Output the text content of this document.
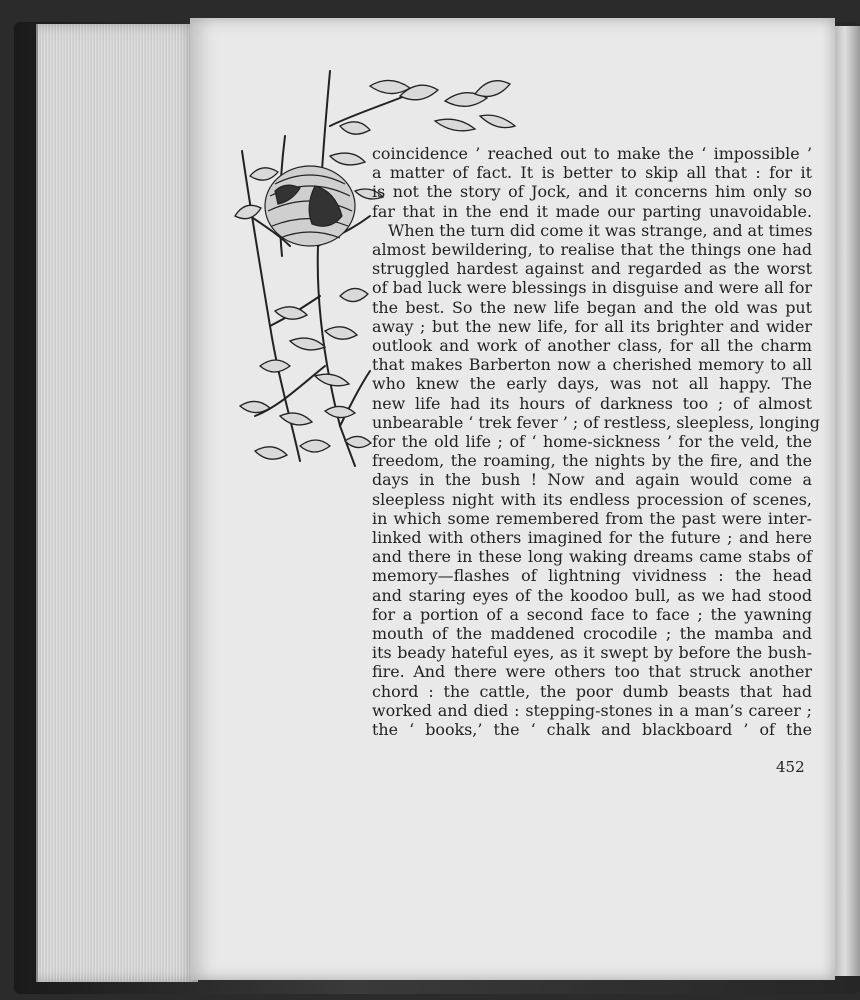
coincidence ’ reached out to make the ‘ impossible ’
a matter of fact. It is better to skip all that : for it
is not the story of Jock, and it concerns him only so
far that in the end it made our parting unavoidable.
When the turn did come it was strange, and at times
almost bewildering, to realise that the things one had
struggled hardest against and regarded as the worst
of bad luck were blessings in disguise and were all for
the best. So the new life began and the old was put
away ; but the new life, for all its brighter and wider
outlook and work of another class, for all the charm
that makes Barberton now a cherished memory to all
who knew the early days, was not all happy. The
new life had its hours of darkness too ; of almost
unbearable ‘ trek fever ’ ; of restless, sleepless, longing
for the old life ; of ‘ home-sickness ’ for the veld, the
freedom, the roaming, the nights by the fire, and the
days in the bush ! Now and again would come a
sleepless night with its endless procession of scenes,
in which some remembered from the past were inter-
linked with others imagined for the future ; and here
and there in these long waking dreams came stabs of
memory—flashes of lightning vividness : the head
and staring eyes of the koodoo bull, as we had stood
for a portion of a second face to face ; the yawning
mouth of the maddened crocodile ; the mamba and
its beady hateful eyes, as it swept by before the bush-
fire. And there were others too that struck another
chord : the cattle, the poor dumb beasts that had
worked and died : stepping-stones in a man’s career ;
the ‘ books,’ the ‘ chalk and blackboard ’ of the
452
